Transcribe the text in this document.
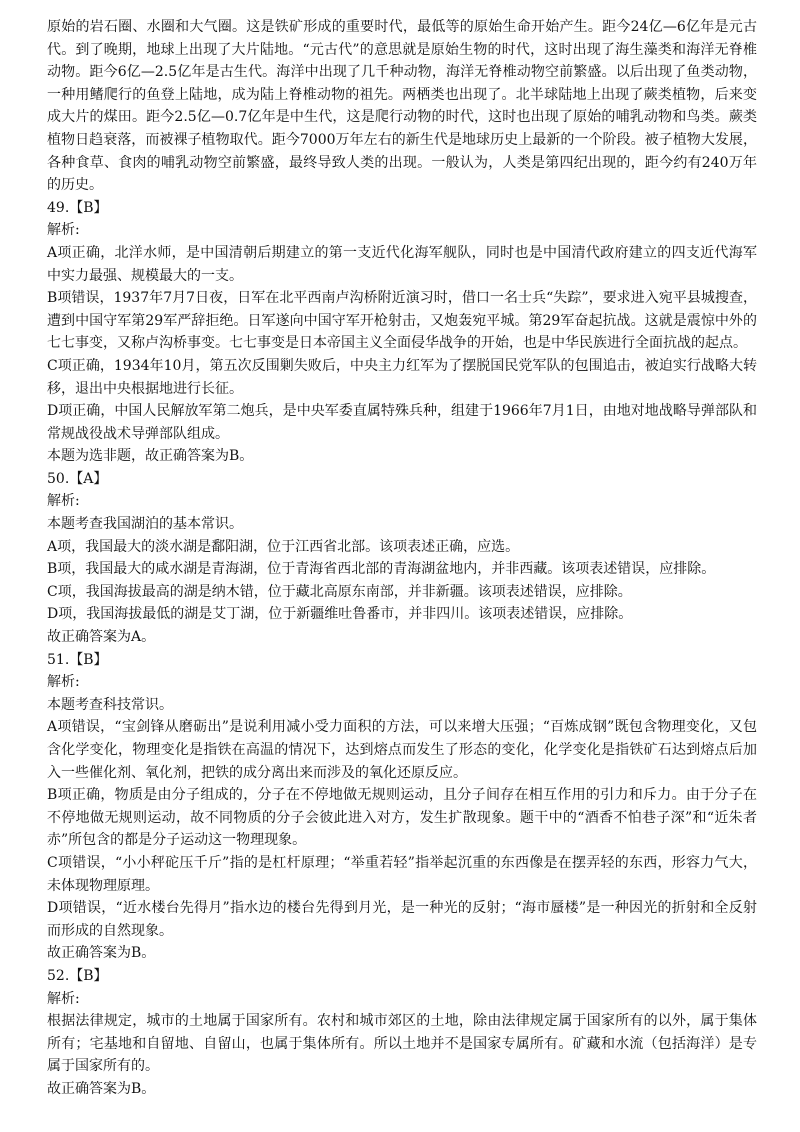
原始的岩石圈、水圈和大气圈。这是铁矿形成的重要时代，最低等的原始生命开始产生。距今24亿—6亿年是元古代。到了晚期，地球上出现了大片陆地。“元古代”的意思就是原始生物的时代，这时出现了海生藻类和海洋无脊椎动物。距今6亿—2.5亿年是古生代。海洋中出现了几千种动物，海洋无脊椎动物空前繁盛。以后出现了鱼类动物，一种用鳍爬行的鱼登上陆地，成为陆上脊椎动物的祖先。两栖类也出现了。北半球陆地上出现了蕨类植物，后来变成大片的煤田。距今2.5亿—0.7亿年是中生代，这是爬行动物的时代，这时也出现了原始的哺乳动物和鸟类。蕨类植物日趋衰落，而被裸子植物取代。距今7000万年左右的新生代是地球历史上最新的一个阶段。被子植物大发展，各种食草、食肉的哺乳动物空前繁盛，最终导致人类的出现。一般认为，人类是第四纪出现的，距今约有240万年的历史。

49.【B】

解析:

A项正确，北洋水师，是中国清朝后期建立的第一支近代化海军舰队，同时也是中国清代政府建立的四支近代海军中实力最强、规模最大的一支。

B项错误，1937年7月7日夜，日军在北平西南卢沟桥附近演习时，借口一名士兵“失踪”，要求进入宛平县城搜查，遭到中国守军第29军严辞拒绝。日军遂向中国守军开枪射击，又炮轰宛平城。第29军奋起抗战。这就是震惊中外的七七事变，又称卢沟桥事变。七七事变是日本帝国主义全面侵华战争的开始，也是中华民族进行全面抗战的起点。

C项正确，1934年10月，第五次反围剿失败后，中央主力红军为了摆脱国民党军队的包围追击，被迫实行战略大转移，退出中央根据地进行长征。

D项正确，中国人民解放军第二炮兵，是中央军委直属特殊兵种，组建于1966年7月1日，由地对地战略导弹部队和常规战役战术导弹部队组成。

本题为选非题，故正确答案为B。

50.【A】

解析:

本题考查我国湖泊的基本常识。

A项，我国最大的淡水湖是鄱阳湖，位于江西省北部。该项表述正确，应选。

B项，我国最大的咸水湖是青海湖，位于青海省西北部的青海湖盆地内，并非西藏。该项表述错误，应排除。

C项，我国海拔最高的湖是纳木错，位于藏北高原东南部，并非新疆。该项表述错误，应排除。

D项，我国海拔最低的湖是艾丁湖，位于新疆维吐鲁番市，并非四川。该项表述错误，应排除。

故正确答案为A。

51.【B】

解析:

本题考查科技常识。

A项错误，“宝剑锋从磨砺出”是说利用减小受力面积的方法，可以来增大压强；“百炼成钢”既包含物理变化，又包含化学变化，物理变化是指铁在高温的情况下，达到熔点而发生了形态的变化，化学变化是指铁矿石达到熔点后加入一些催化剂、氧化剂，把铁的成分离出来而涉及的氧化还原反应。

B项正确，物质是由分子组成的，分子在不停地做无规则运动，且分子间存在相互作用的引力和斥力。由于分子在不停地做无规则运动，故不同物质的分子会彼此进入对方，发生扩散现象。题干中的“酒香不怕巷子深”和“近朱者赤”所包含的都是分子运动这一物理现象。

C项错误，“小小秤砣压千斤”指的是杠杆原理；“举重若轻”指举起沉重的东西像是在摆弄轻的东西，形容力气大，未体现物理原理。

D项错误，“近水楼台先得月”指水边的楼台先得到月光，是一种光的反射；“海市蜃楼”是一种因光的折射和全反射而形成的自然现象。

故正确答案为B。

52.【B】

解析:

根据法律规定，城市的土地属于国家所有。农村和城市郊区的土地，除由法律规定属于国家所有的以外，属于集体所有；宅基地和自留地、自留山，也属于集体所有。所以土地并不是国家专属所有。矿藏和水流（包括海洋）是专属于国家所有的。

故正确答案为B。
